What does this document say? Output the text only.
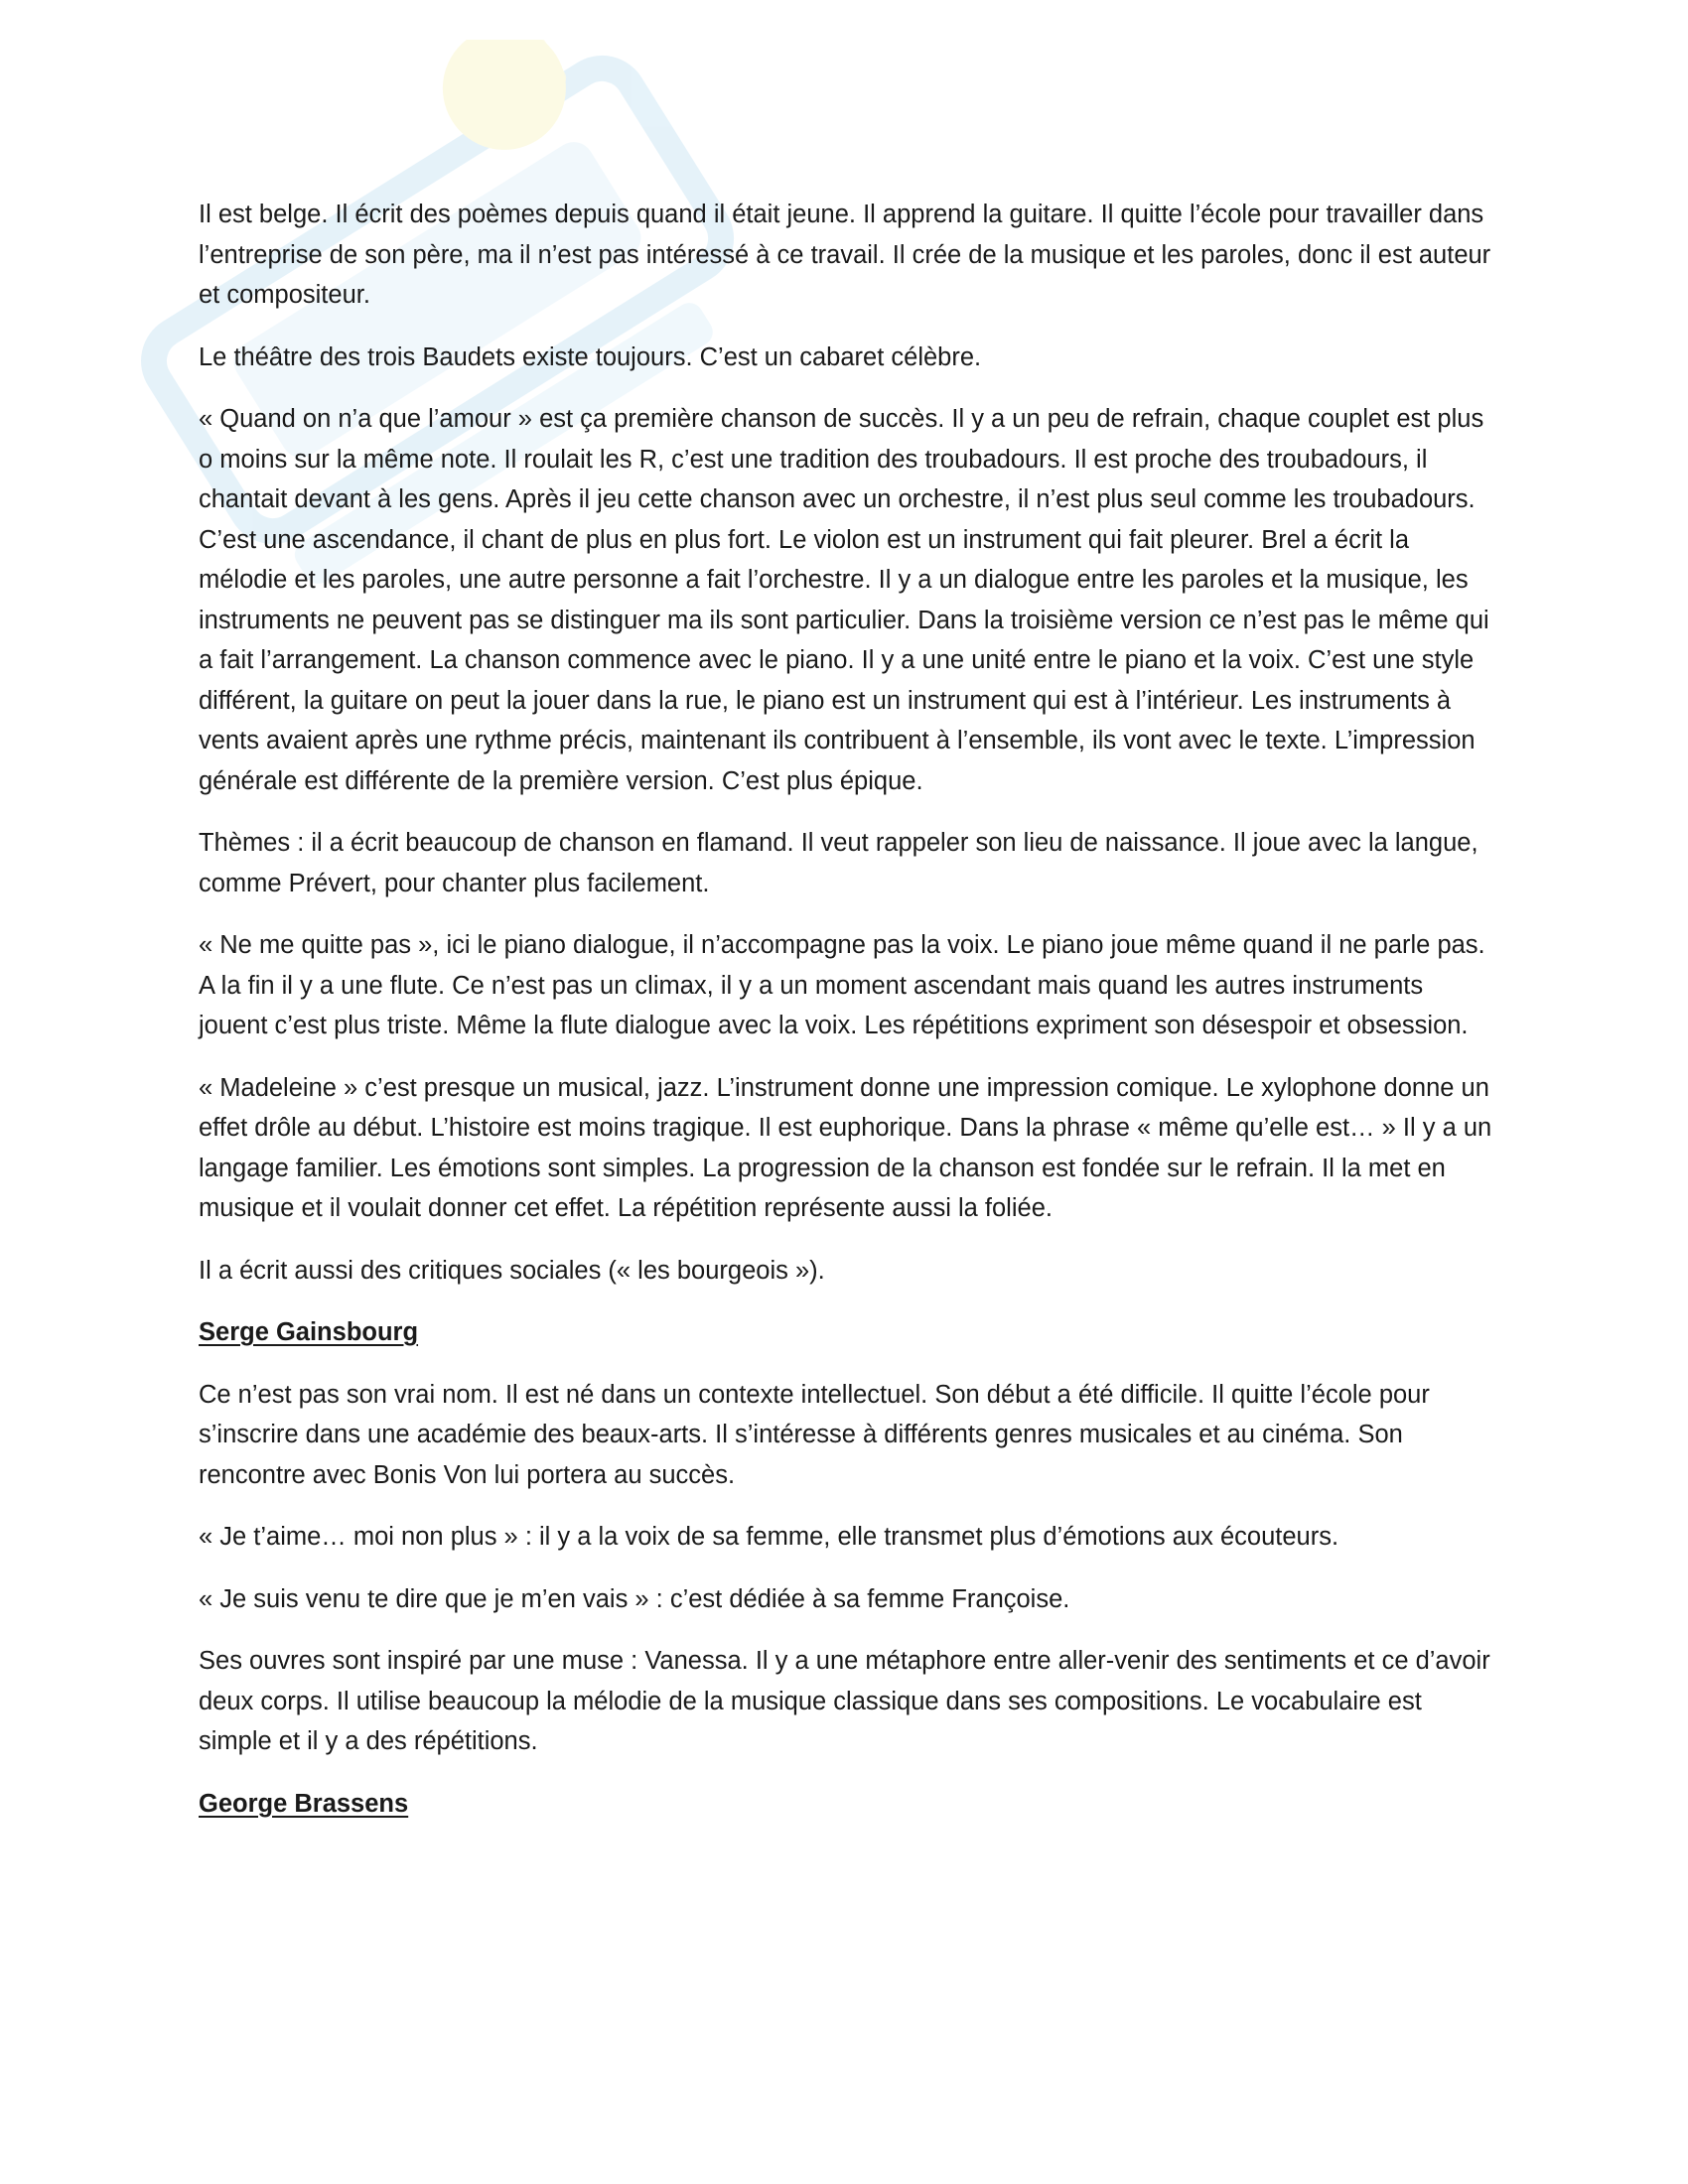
Il est belge. Il écrit des poèmes depuis quand il était jeune. Il apprend la guitare. Il quitte l’école pour travailler dans l’entreprise de son père, ma il n’est pas intéressé à ce travail. Il crée de la musique et les paroles, donc il est auteur et compositeur.

Le théâtre des trois Baudets existe toujours. C’est un cabaret célèbre.

« Quand on n’a que l’amour » est ça première chanson de succès. Il y a un peu de refrain, chaque couplet est plus o moins sur la même note. Il roulait les R, c’est une tradition des troubadours. Il est proche des troubadours, il chantait devant à les gens. Après il jeu cette chanson avec un orchestre, il n’est plus seul comme les troubadours. C’est une ascendance, il chant de plus en plus fort. Le violon est un instrument qui fait pleurer. Brel a écrit la mélodie et les paroles, une autre personne a fait l’orchestre. Il y a un dialogue entre les paroles et la musique, les instruments ne peuvent pas se distinguer ma ils sont particulier. Dans la troisième version ce n’est pas le même qui a fait l’arrangement. La chanson commence avec le piano. Il y a une unité entre le piano et la voix. C’est une style différent, la guitare on peut la jouer dans la rue, le piano est un instrument qui est à l’intérieur. Les instruments à vents avaient après une rythme précis, maintenant ils contribuent à l’ensemble, ils vont avec le texte. L’impression générale est différente de la première version. C’est plus épique.

Thèmes : il a écrit beaucoup de chanson en flamand. Il veut rappeler son lieu de naissance. Il joue avec la langue, comme Prévert, pour chanter plus facilement.

« Ne me quitte pas », ici le piano dialogue, il n’accompagne pas la voix. Le piano joue même quand il ne parle pas. A la fin il y a une flute. Ce n’est pas un climax, il y a un moment ascendant mais quand les autres instruments jouent c’est plus triste. Même la flute dialogue avec la voix. Les répétitions expriment son désespoir et obsession.

« Madeleine » c’est presque un musical, jazz. L’instrument donne une impression comique. Le xylophone donne un effet drôle au début. L’histoire est moins tragique. Il est euphorique. Dans la phrase « même qu’elle est… » Il y a un langage familier. Les émotions sont simples. La progression de la chanson est fondée sur le refrain. Il la met en musique et il voulait donner cet effet. La répétition représente aussi la foliée.

Il a écrit aussi des critiques sociales (« les bourgeois »).

Serge Gainsbourg

Ce n’est pas son vrai nom. Il est né dans un contexte intellectuel. Son début a été difficile. Il quitte l’école pour s’inscrire dans une académie des beaux-arts. Il s’intéresse à différents genres musicales et au cinéma. Son rencontre avec Bonis Von lui portera au succès.

« Je t’aime… moi non plus » : il y a la voix de sa femme, elle transmet plus d’émotions aux écouteurs.

« Je suis venu te dire que je m’en vais » : c’est dédiée à sa femme Françoise.

Ses ouvres sont inspiré par une muse : Vanessa. Il y a une métaphore entre aller-venir des sentiments et ce d’avoir deux corps. Il utilise beaucoup la mélodie de la musique classique dans ses compositions. Le vocabulaire est simple et il y a des répétitions.

George Brassens
